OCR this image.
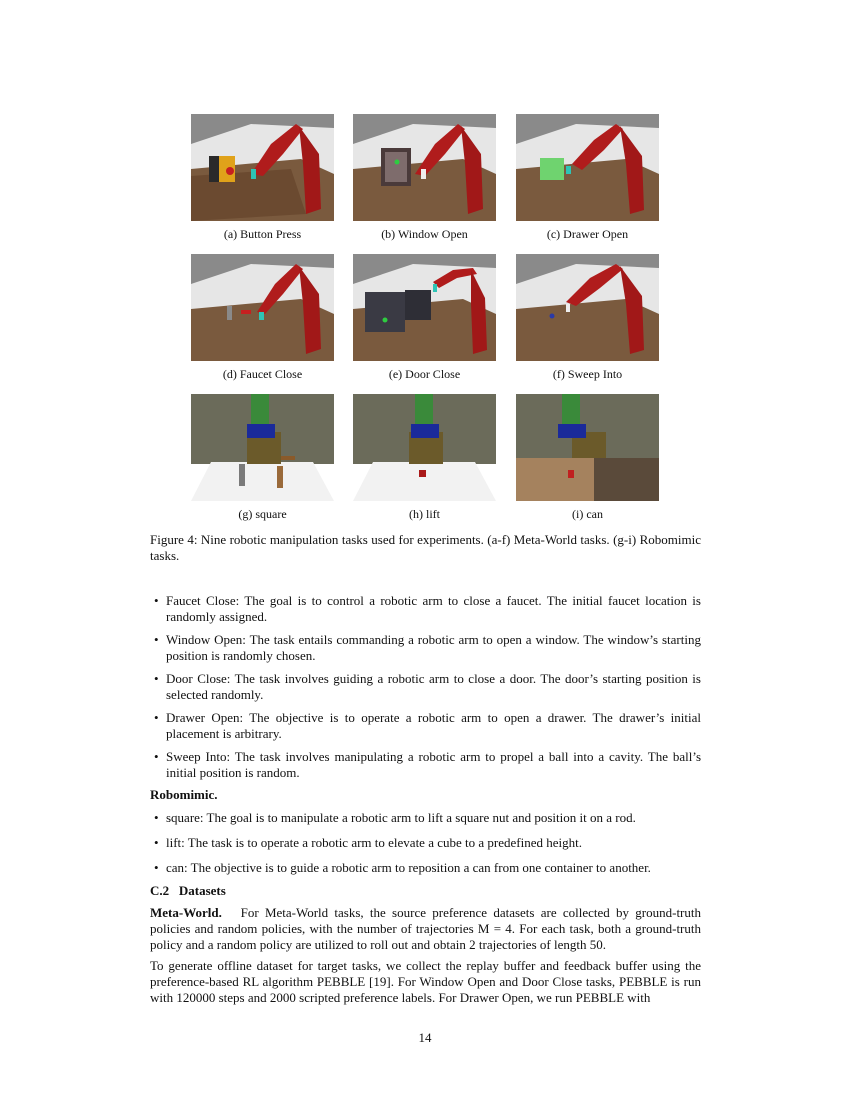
(a) Button Press	(b) Window Open	(c) Drawer Open
(d) Faucet Close	(e) Door Close	(f) Sweep Into
(g) square	(h) lift	(i) can
Figure 4: Nine robotic manipulation tasks used for experiments. (a-f) Meta-World tasks. (g-i) Robomimic tasks.
• Faucet Close: The goal is to control a robotic arm to close a faucet. The initial faucet location is randomly assigned.
• Window Open: The task entails commanding a robotic arm to open a window. The window’s starting position is randomly chosen.
• Door Close: The task involves guiding a robotic arm to close a door. The door’s starting position is selected randomly.
• Drawer Open: The objective is to operate a robotic arm to open a drawer. The drawer’s initial placement is arbitrary.
• Sweep Into: The task involves manipulating a robotic arm to propel a ball into a cavity. The ball’s initial position is random.
Robomimic.
• square: The goal is to manipulate a robotic arm to lift a square nut and position it on a rod.
• lift: The task is to operate a robotic arm to elevate a cube to a predefined height.
• can: The objective is to guide a robotic arm to reposition a can from one container to another.
C.2 Datasets
Meta-World. For Meta-World tasks, the source preference datasets are collected by ground-truth policies and random policies, with the number of trajectories M = 4. For each task, both a ground-truth policy and a random policy are utilized to roll out and obtain 2 trajectories of length 50.
To generate offline dataset for target tasks, we collect the replay buffer and feedback buffer using the preference-based RL algorithm PEBBLE [19]. For Window Open and Door Close tasks, PEBBLE is run with 120000 steps and 2000 scripted preference labels. For Drawer Open, we run PEBBLE with
14
